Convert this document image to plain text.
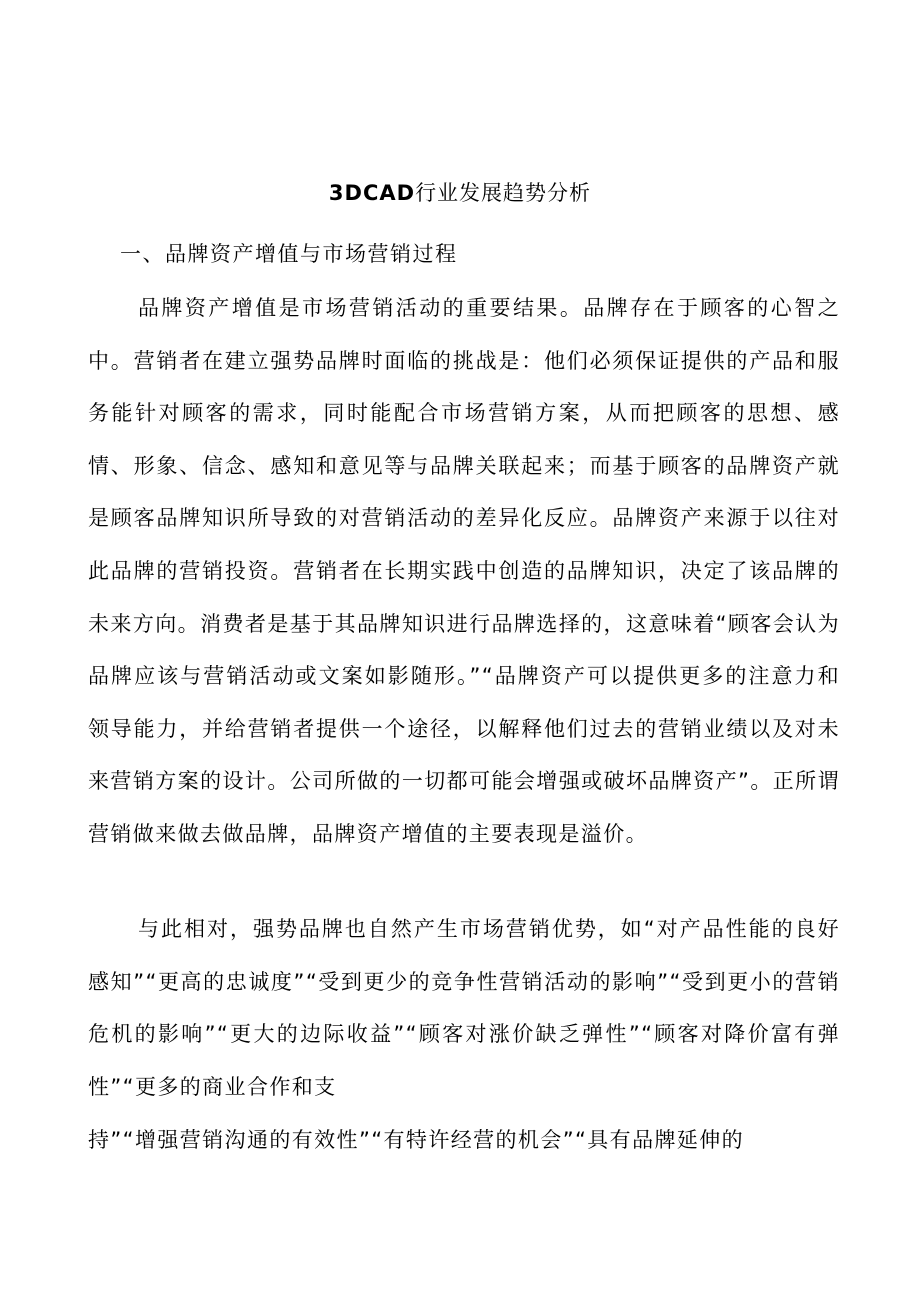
3DCAD行业发展趋势分析
一、品牌资产增值与市场营销过程

品牌资产增值是市场营销活动的重要结果。品牌存在于顾客的心智之中。营销者在建立强势品牌时面临的挑战是：他们必须保证提供的产品和服务能针对顾客的需求，同时能配合市场营销方案，从而把顾客的思想、感情、形象、信念、感知和意见等与品牌关联起来；而基于顾客的品牌资产就是顾客品牌知识所导致的对营销活动的差异化反应。品牌资产来源于以往对此品牌的营销投资。营销者在长期实践中创造的品牌知识，决定了该品牌的未来方向。消费者是基于其品牌知识进行品牌选择的，这意味着“顾客会认为品牌应该与营销活动或文案如影随形。”“品牌资产可以提供更多的注意力和领导能力，并给营销者提供一个途径，以解释他们过去的营销业绩以及对未来营销方案的设计。公司所做的一切都可能会增强或破坏品牌资产”。正所谓营销做来做去做品牌，品牌资产增值的主要表现是溢价。

与此相对，强势品牌也自然产生市场营销优势，如“对产品性能的良好感知”“更高的忠诚度”“受到更少的竞争性营销活动的影响”“受到更小的营销危机的影响”“更大的边际收益”“顾客对涨价缺乏弹性”“顾客对降价富有弹性”“更多的商业合作和支

持”“增强营销沟通的有效性”“有特许经营的机会”“具有品牌延伸的
